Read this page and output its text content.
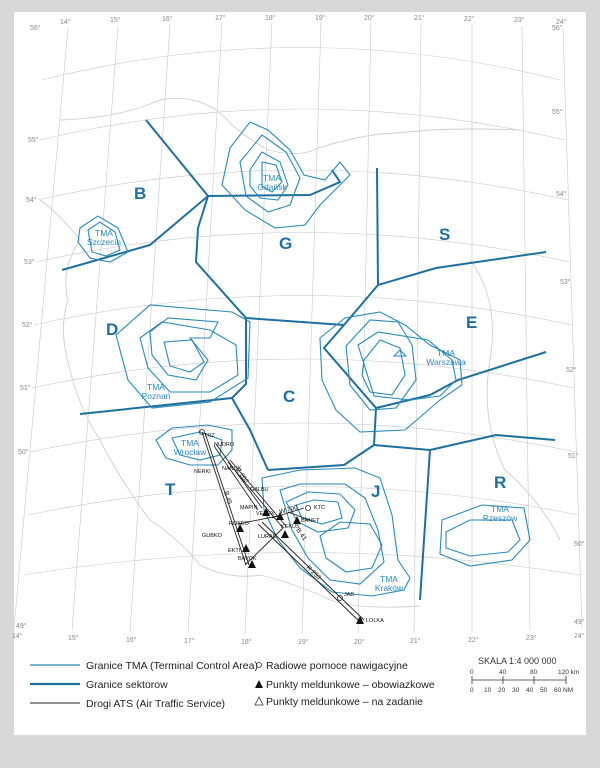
14°	15°	16°	17°	18°	19°	20°	21°	22°	23°	24°
14°	15°	16°	17°	18°	19°	20°	21°	22°	23°	24°
56°
55°
54°
53°
52°
51°
50°
49°
56°
55°
54°
53°
52°
51°
50°
49°
B
G	S
D	E
C
T	J	R
TMA Gdańsk
TMA Szczecin
TMA Poznań
TMA Warszawa
TMA Wrocław
TMA Rzeszów
TMA Kraków
TRZ
NUDRO
NERKI NANUK
GALBU
MAPIN
VEBEX
KTC
BANET
ROKEO	KEKUS
LURAD
GUBKO
EKTI
BAVOK
JAB
LOLKA
B 45
Z 202
W 700
B 41
R 253
Granice TMA (Terminal Control Area)
Granice sektorow
Drogi ATS (Air Traffic Service)
Radiowe pomoce nawigacyjne
Punkty meldunkowe – obowiazkowe
Punkty meldunkowe – na zadanie
SKALA 1:4 000 000
0	40	80	120 km
0 10 20 30 40 50 60 NM
